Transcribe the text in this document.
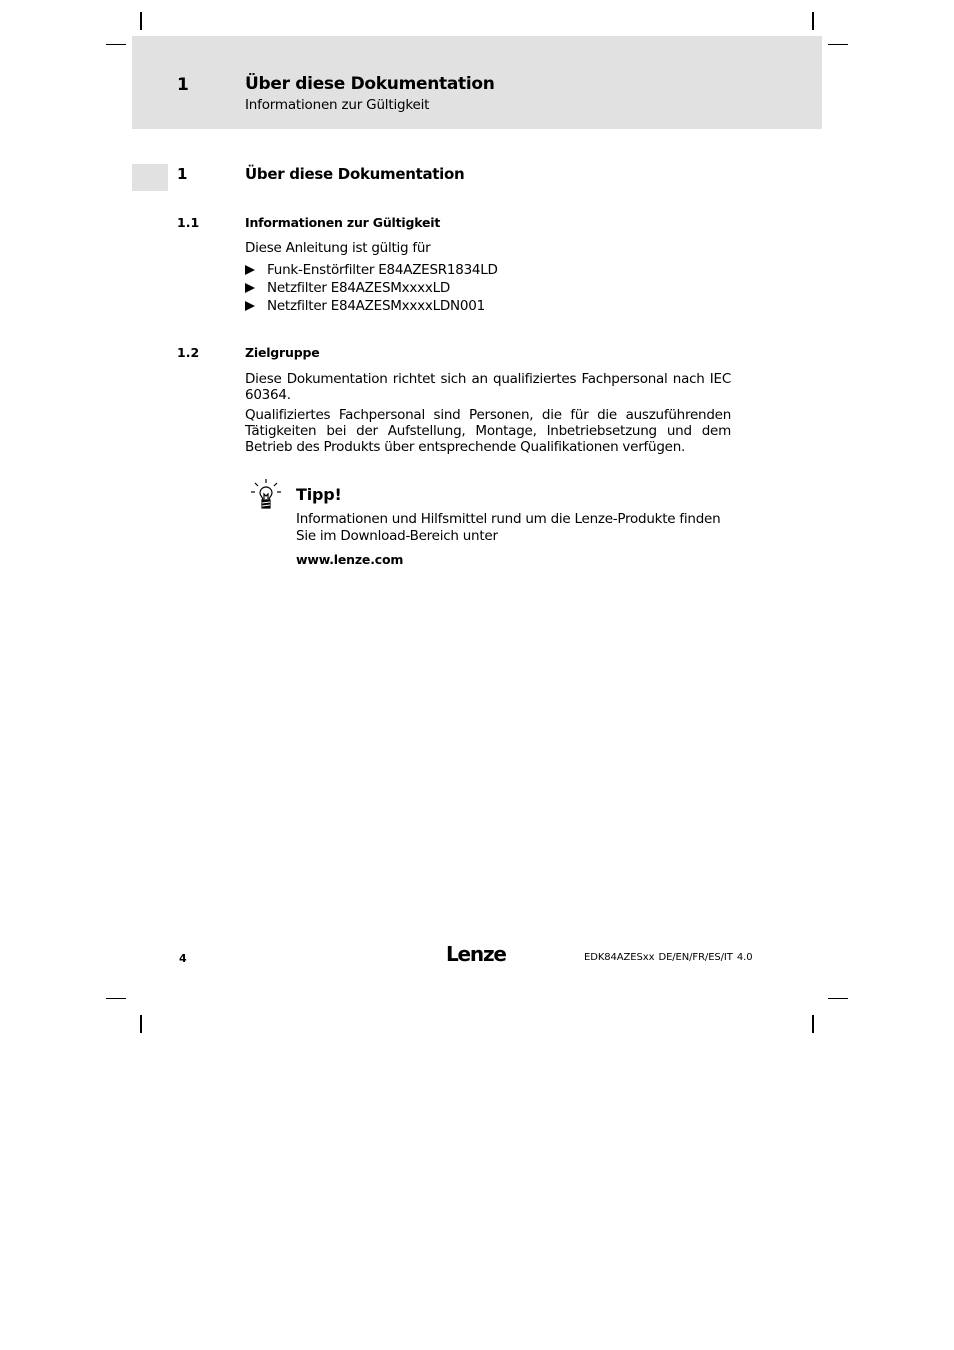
1	Über diese Dokumentation
Informationen zur Gültigkeit
1	Über diese Dokumentation
1.1	Informationen zur Gültigkeit
Diese Anleitung ist gültig für
Funk-Enstörfilter E84AZESR1834LD
Netzfilter E84AZESMxxxxLD
Netzfilter E84AZESMxxxxLDN001
1.2	Zielgruppe
Diese Dokumentation richtet sich an qualifiziertes Fachpersonal nach IEC 60364.
Qualifiziertes Fachpersonal sind Personen, die für die auszuführenden Tätigkeiten bei der Aufstellung, Montage, Inbetriebsetzung und dem Betrieb des Produkts über entsprechende Qualifikationen verfügen.
Tipp!
Informationen und Hilfsmittel rund um die Lenze-Produkte finden
Sie im Download-Bereich unter
www.lenze.com
4	Lenze	EDK84AZESxx DE/EN/FR/ES/IT 4.0
